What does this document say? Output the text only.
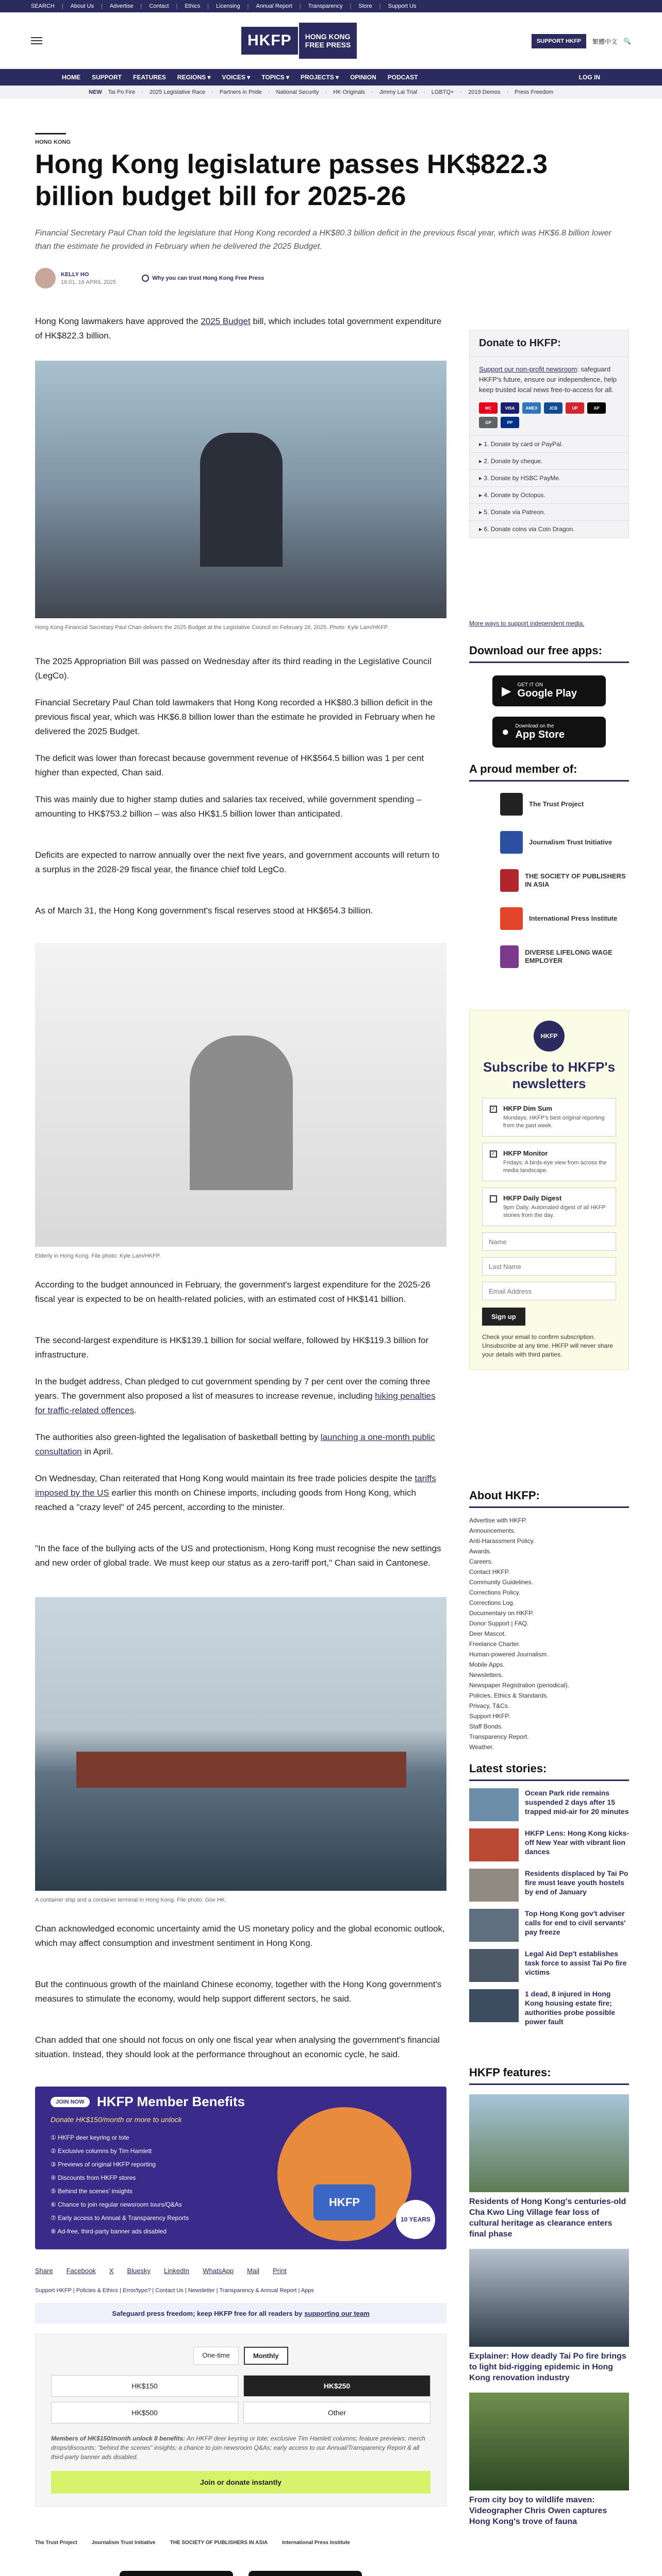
SEARCH | About Us | Advertise | Contact | Ethics | Licensing | Annual Report | Transparency | Store | Support Us
HKFP	HONG KONG
FREE PRESS	SUPPORT HKFP	繁體中文 🔍
HOME SUPPORT FEATURES REGIONS ▾ VOICES ▾ TOPICS ▾ PROJECTS ▾ OPINION PODCAST	LOG IN
NEW Tai Po Fire · 2025 Legislative Race · Partners in Pride · National Security · HK Originals · Jimmy Lai Trial · LGBTQ+ · 2019 Demos · Press Freedom
HONG KONG
Hong Kong legislature passes HK$822.3 billion budget bill for 2025-26
Financial Secretary Paul Chan told the legislature that Hong Kong recorded a HK$80.3 billion deficit in the previous fiscal year, which was HK$6.8 billion lower than the estimate he provided in February when he delivered the 2025 Budget.
KELLY HO
16:01, 16 APRIL 2025
Why you can trust Hong Kong Free Press

Hong Kong lawmakers have approved the 2025 Budget bill, which includes total government expenditure of HK$822.3 billion.

Hong Kong Financial Secretary Paul Chan delivers the 2025 Budget at the Legislative Council on February 26, 2025. Photo: Kyle Lam/HKFP.

The 2025 Appropriation Bill was passed on Wednesday after its third reading in the Legislative Council (LegCo).

Financial Secretary Paul Chan told lawmakers that Hong Kong recorded a HK$80.3 billion deficit in the previous fiscal year, which was HK$6.8 billion lower than the estimate he provided in February when he delivered the 2025 Budget.

The deficit was lower than forecast because government revenue of HK$564.5 billion was 1 per cent higher than expected, Chan said.

This was mainly due to higher stamp duties and salaries tax received, while government spending – amounting to HK$753.2 billion – was also HK$1.5 billion lower than anticipated.

Deficits are expected to narrow annually over the next five years, and government accounts will return to a surplus in the 2028-29 fiscal year, the finance chief told LegCo.

As of March 31, the Hong Kong government's fiscal reserves stood at HK$654.3 billion.

Elderly in Hong Kong. File photo: Kyle Lam/HKFP.

According to the budget announced in February, the government's largest expenditure for the 2025-26 fiscal year is expected to be on health-related policies, with an estimated cost of HK$141 billion.

The second-largest expenditure is HK$139.1 billion for social welfare, followed by HK$119.3 billion for infrastructure.

In the budget address, Chan pledged to cut government spending by 7 per cent over the coming three years. The government also proposed a list of measures to increase revenue, including hiking penalties for traffic-related offences.

The authorities also green-lighted the legalisation of basketball betting by launching a one-month public consultation in April.

On Wednesday, Chan reiterated that Hong Kong would maintain its free trade policies despite the tariffs imposed by the US earlier this month on Chinese imports, including goods from Hong Kong, which reached a "crazy level" of 245 percent, according to the minister.

"In the face of the bullying acts of the US and protectionism, Hong Kong must recognise the new settings and new order of global trade. We must keep our status as a zero-tariff port," Chan said in Cantonese.

A container ship and a container terminal in Hong Kong. File photo: Gov HK.

Chan acknowledged economic uncertainty amid the US monetary policy and the global economic outlook, which may affect consumption and investment sentiment in Hong Kong.

But the continuous growth of the mainland Chinese economy, together with the Hong Kong government's measures to stimulate the economy, would help support different sectors, he said.

Chan added that one should not focus on only one fiscal year when analysing the government's financial situation. Instead, they should look at the performance throughout an economic cycle, he said.

JOIN NOW HKFP Member Benefits
Donate HK$150/month or more to unlock
① HKFP deer keyring or tote
② Exclusive columns by Tim Hamlett
③ Previews of original HKFP reporting
④ Discounts from HKFP stores
⑤ Behind the scenes' insights
⑥ Chance to join regular newsroom tours/Q&As
⑦ Early access to Annual & Transparency Reports
⑧ Ad-free, third-party banner ads disabled
HKFP
10 YEARS
Share Facebook X Bluesky LinkedIn WhatsApp Mail Print
Support HKFP | Policies & Ethics | Error/typo? | Contact Us | Newsletter | Transparency & Annual Report | Apps
Safeguard press freedom; keep HKFP free for all readers by supporting our team
One-time	Monthly
HK$150	HK$250
HK$500	Other
Members of HK$150/month unlock 8 benefits: An HKFP deer keyring or tote; exclusive Tim Hamlett columns; feature previews; merch drops/discounts; "behind the scenes" insights; a chance to join newsroom Q&As; early access to our Annual/Transparency Report & all third-party banner ads disabled.
Join or donate instantly
The Trust Project	Journalism Trust Initiative	THE SOCIETY OF PUBLISHERS IN ASIA	International Press Institute
Donate to HKFP:
Support our non-profit newsroom: safeguard HKFP's future, ensure our independence, help keep trusted local news free-to-access for all.
MC	VISA	AMEX	JCB	UP	AP
GP	PP
▸ 1. Donate by card or PayPal.
▸ 2. Donate by cheque.
▸ 3. Donate by HSBC PayMe.
▸ 4. Donate by Octopus.
▸ 5. Donate via Patreon.
▸ 6. Donate coins via Coin Dragon.
More ways to support independent media.
Download our free apps:
▶ GET IT ON
Google Play
● Download on the
App Store
A proud member of:
The Trust Project
Journalism Trust Initiative
THE SOCIETY OF PUBLISHERS IN ASIA
International Press Institute
DIVERSE LIFELONG WAGE EMPLOYER
HKFP
Subscribe to HKFP's newsletters
✓ HKFP Dim Sum
Mondays: HKFP's best original reporting from the past week.
✓ HKFP Monitor
Fridays: A birds-eye view from across the media landscape.
HKFP Daily Digest
9pm Daily: Automated digest of all HKFP stories from the day.
Name Last Name Email Address Sign up
Check your email to confirm subscription. Unsubscribe at any time. HKFP will never share your details with third parties.
About HKFP:
Advertise with HKFP.
Announcements.
Anti-Harassment Policy.
Awards.
Careers.
Contact HKFP.
Community Guidelines.
Corrections Policy.
Corrections Log.
Documentary on HKFP.
Donor Support | FAQ.
Deer Mascot.
Freelance Charter.
Human-powered Journalism.
Mobile Apps.
Newsletters.
Newspaper Registration (periodical).
Policies, Ethics & Standards.
Privacy, T&Cs.
Support HKFP.
Staff Bonds.
Transparency Report.
Weather.
Latest stories:
Ocean Park ride remains suspended 2 days after 15 trapped mid-air for 20 minutes
HKFP Lens: Hong Kong kicks-off New Year with vibrant lion dances
Residents displaced by Tai Po fire must leave youth hostels by end of January
Top Hong Kong gov't adviser calls for end to civil servants' pay freeze
Legal Aid Dep't establishes task force to assist Tai Po fire victims
1 dead, 8 injured in Hong Kong housing estate fire; authorities probe possible power fault
HKFP features:
Residents of Hong Kong's centuries-old Cha Kwo Ling Village fear loss of cultural heritage as clearance enters final phase
Explainer: How deadly Tai Po fire brings to light bid-rigging epidemic in Hong Kong renovation industry
From city boy to wildlife maven: Videographer Chris Owen captures Hong Kong's trove of fauna
